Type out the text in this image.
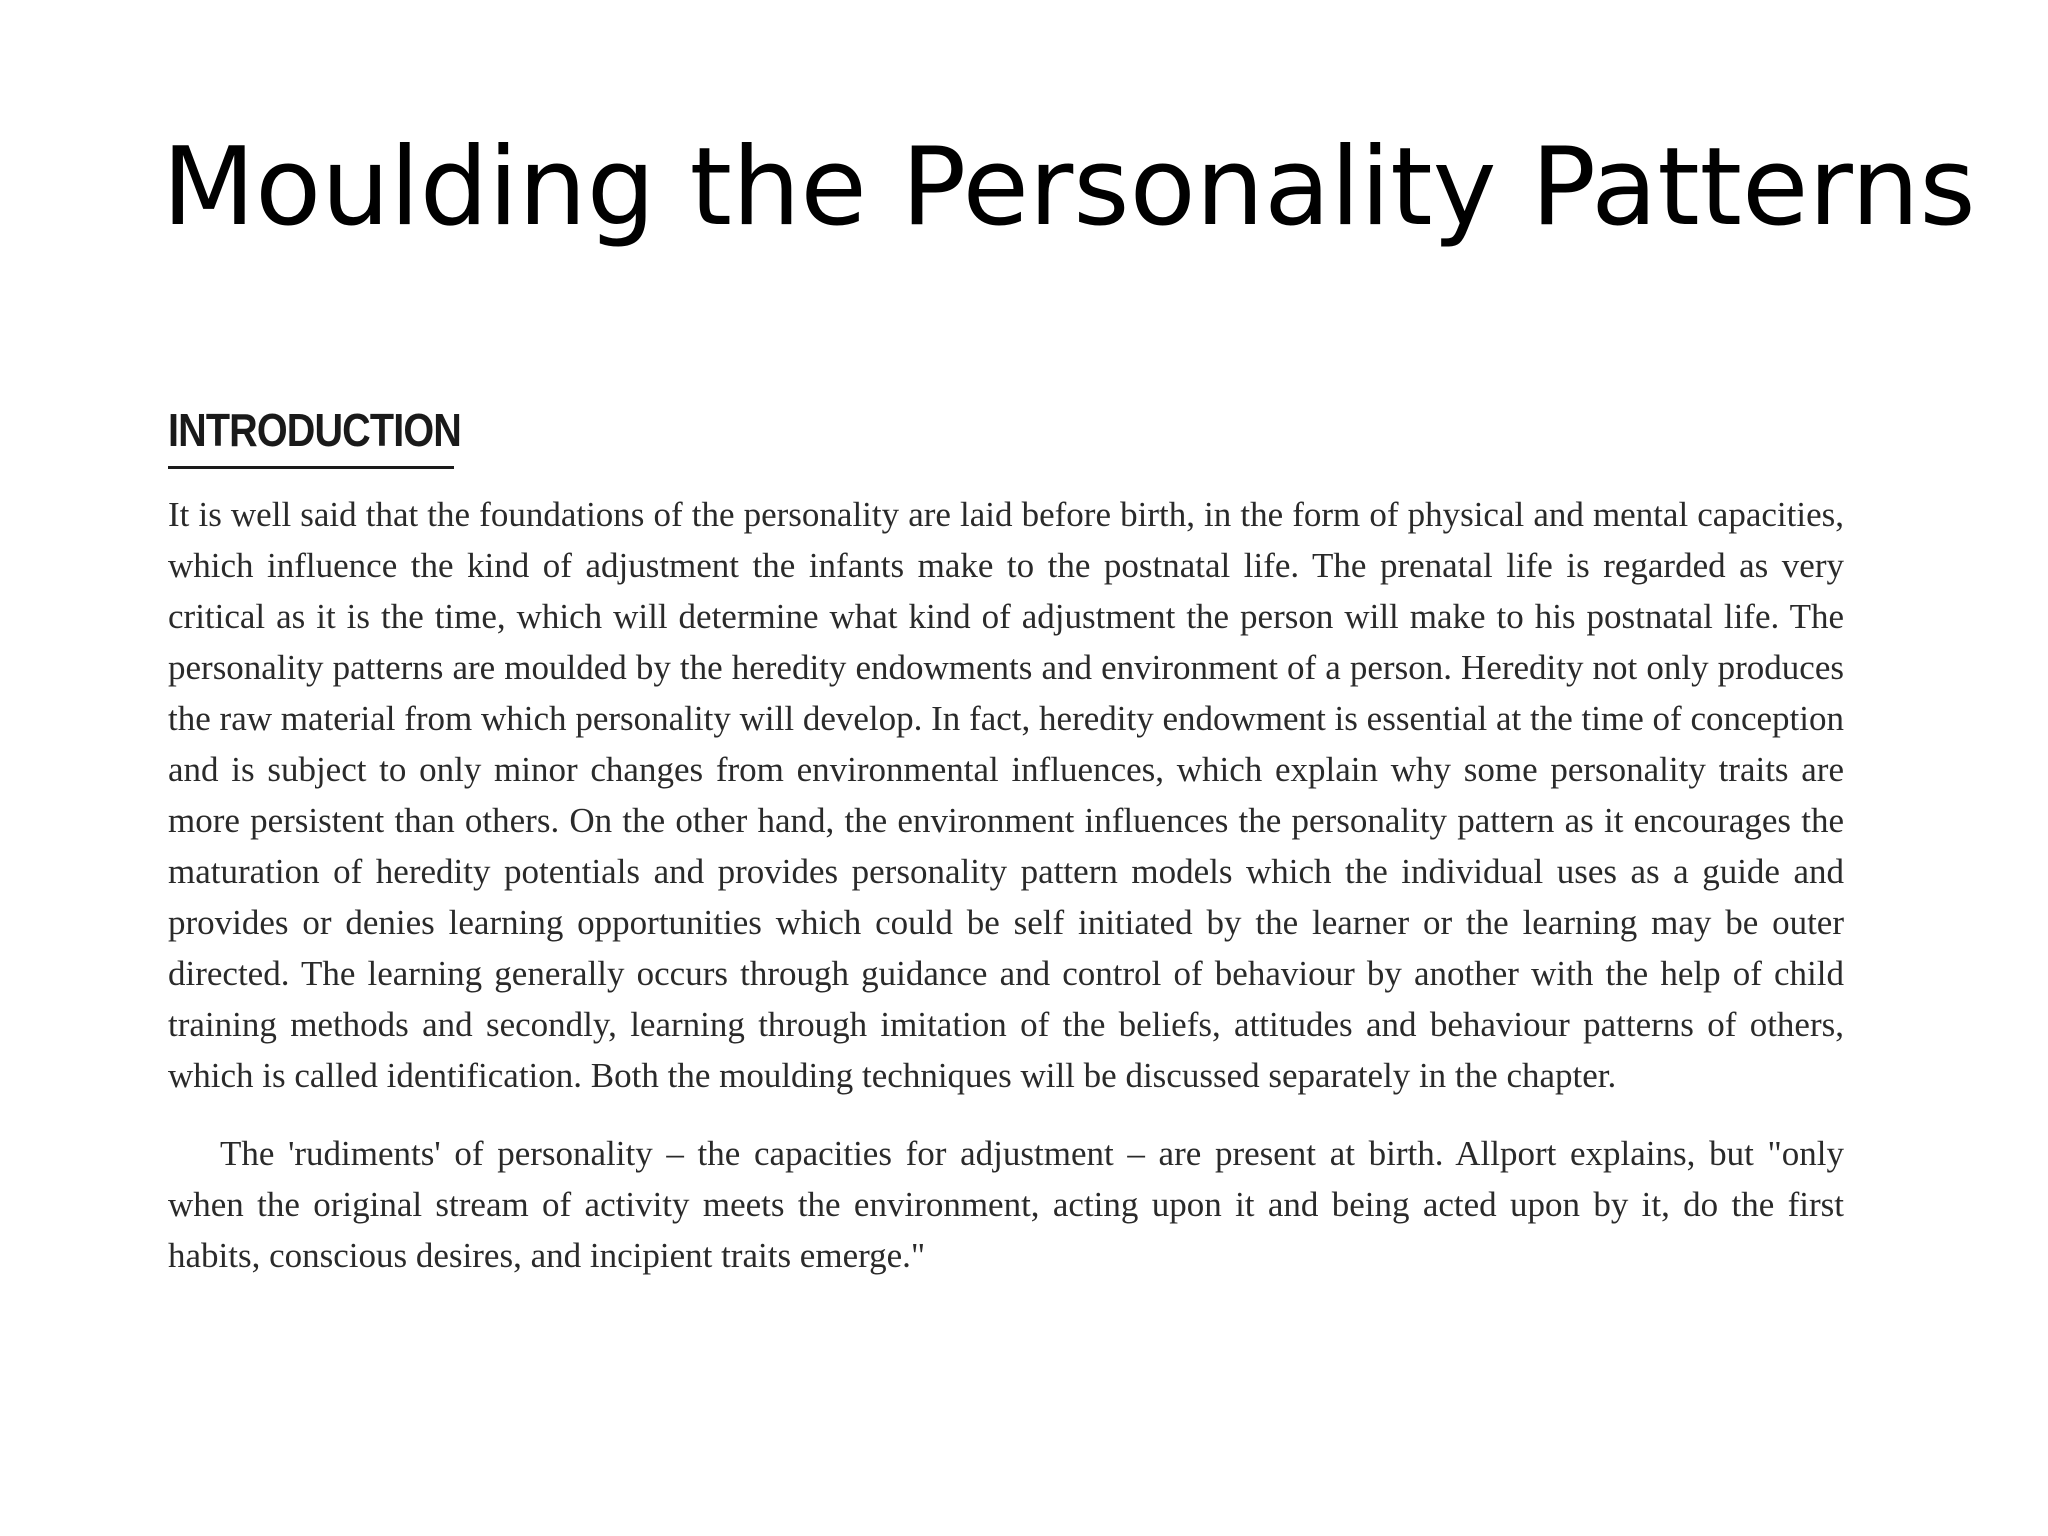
Moulding the Personality Patterns
INTRODUCTION

It is well said that the foundations of the personality are laid before birth, in the form of physical and mental capacities, which influence the kind of adjustment the infants make to the postnatal life. The prenatal life is regarded as very critical as it is the time, which will determine what kind of adjustment the person will make to his postnatal life. The personality patterns are moulded by the heredity endowments and environment of a person. Heredity not only produces the raw material from which personality will develop. In fact, heredity endowment is essential at the time of conception and is subject to only minor changes from environmental influences, which explain why some personality traits are more persistent than others. On the other hand, the environment influences the personality pattern as it encourages the maturation of heredity potentials and provides personality pattern models which the individual uses as a guide and provides or denies learning opportunities which could be self initiated by the learner or the learning may be outer directed. The learning generally occurs through guidance and control of behaviour by another with the help of child training methods and secondly, learning through imitation of the beliefs, attitudes and behaviour patterns of others, which is called identification. Both the moulding techniques will be discussed separately in the chapter.

The 'rudiments' of personality – the capacities for adjustment – are present at birth. Allport explains, but "only when the original stream of activity meets the environment, acting upon it and being acted upon by it, do the first habits, conscious desires, and incipient traits emerge."
